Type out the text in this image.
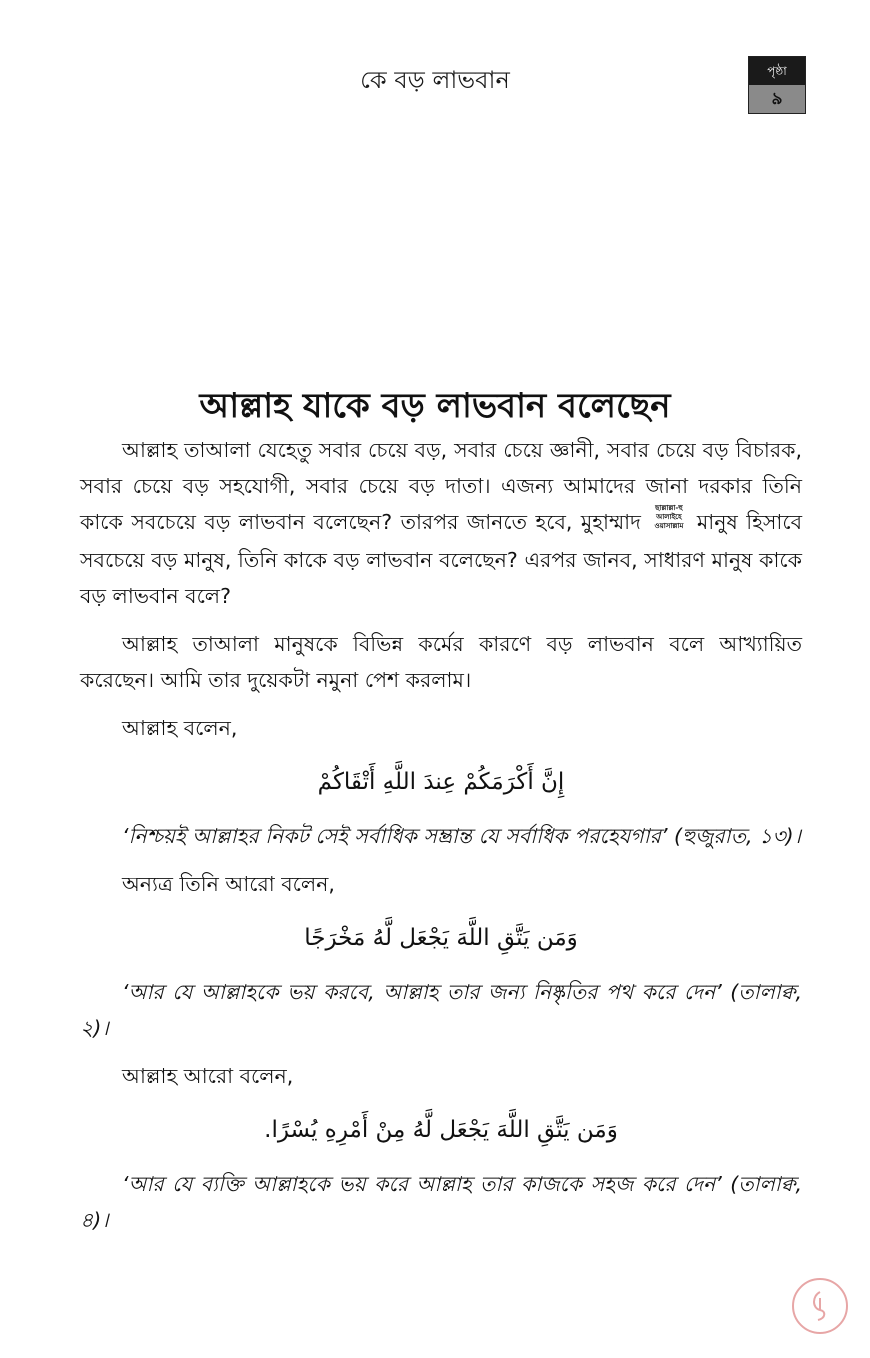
কে বড় লাভবান	পৃষ্ঠা
৯
আল্লাহ যাকে বড় লাভবান বলেছেন

আল্লাহ তাআলা যেহেতু সবার চেয়ে বড়, সবার চেয়ে জ্ঞানী, সবার চেয়ে বড় বিচারক, সবার চেয়ে বড় সহযোগী, সবার চেয়ে বড় দাতা। এজন্য আমাদের জানা দরকার তিনি কাকে সবচেয়ে বড় লাভবান বলেছেন? তারপর জানতে হবে, মুহাম্মাদছাল্লাল্লা-হু আলাইহে ওয়াসাল্লাম মানুষ হিসাবে সবচেয়ে বড় মানুষ, তিনি কাকে বড় লাভবান বলেছেন? এরপর জানব, সাধারণ মানুষ কাকে বড় লাভবান বলে?

আল্লাহ তাআলা মানুষকে বিভিন্ন কর্মের কারণে বড় লাভবান বলে আখ্যায়িত করেছেন। আমি তার দুয়েকটা নমুনা পেশ করলাম।

আল্লাহ বলেন,

إِنَّ أَكْرَمَكُمْ عِندَ اللَّهِ أَتْقَاكُمْ

‘নিশ্চয়ই আল্লাহর নিকট সেই সর্বাধিক সম্ভ্রান্ত যে সর্বাধিক পরহেযগার’ (হুজুরাত, ১৩)।

অন্যত্র তিনি আরো বলেন,

وَمَن يَتَّقِ اللَّهَ يَجْعَل لَّهُ مَخْرَجًا

‘আর যে আল্লাহকে ভয় করবে, আল্লাহ তার জন্য নিষ্কৃতির পথ করে দেন’ (তালাক্ব, ২)।

আল্লাহ আরো বলেন,

وَمَن يَتَّقِ اللَّهَ يَجْعَل لَّهُ مِنْ أَمْرِهِ يُسْرًا.

‘আর যে ব্যক্তি আল্লাহকে ভয় করে আল্লাহ তার কাজকে সহজ করে দেন’ (তালাক্ব, ৪)।
